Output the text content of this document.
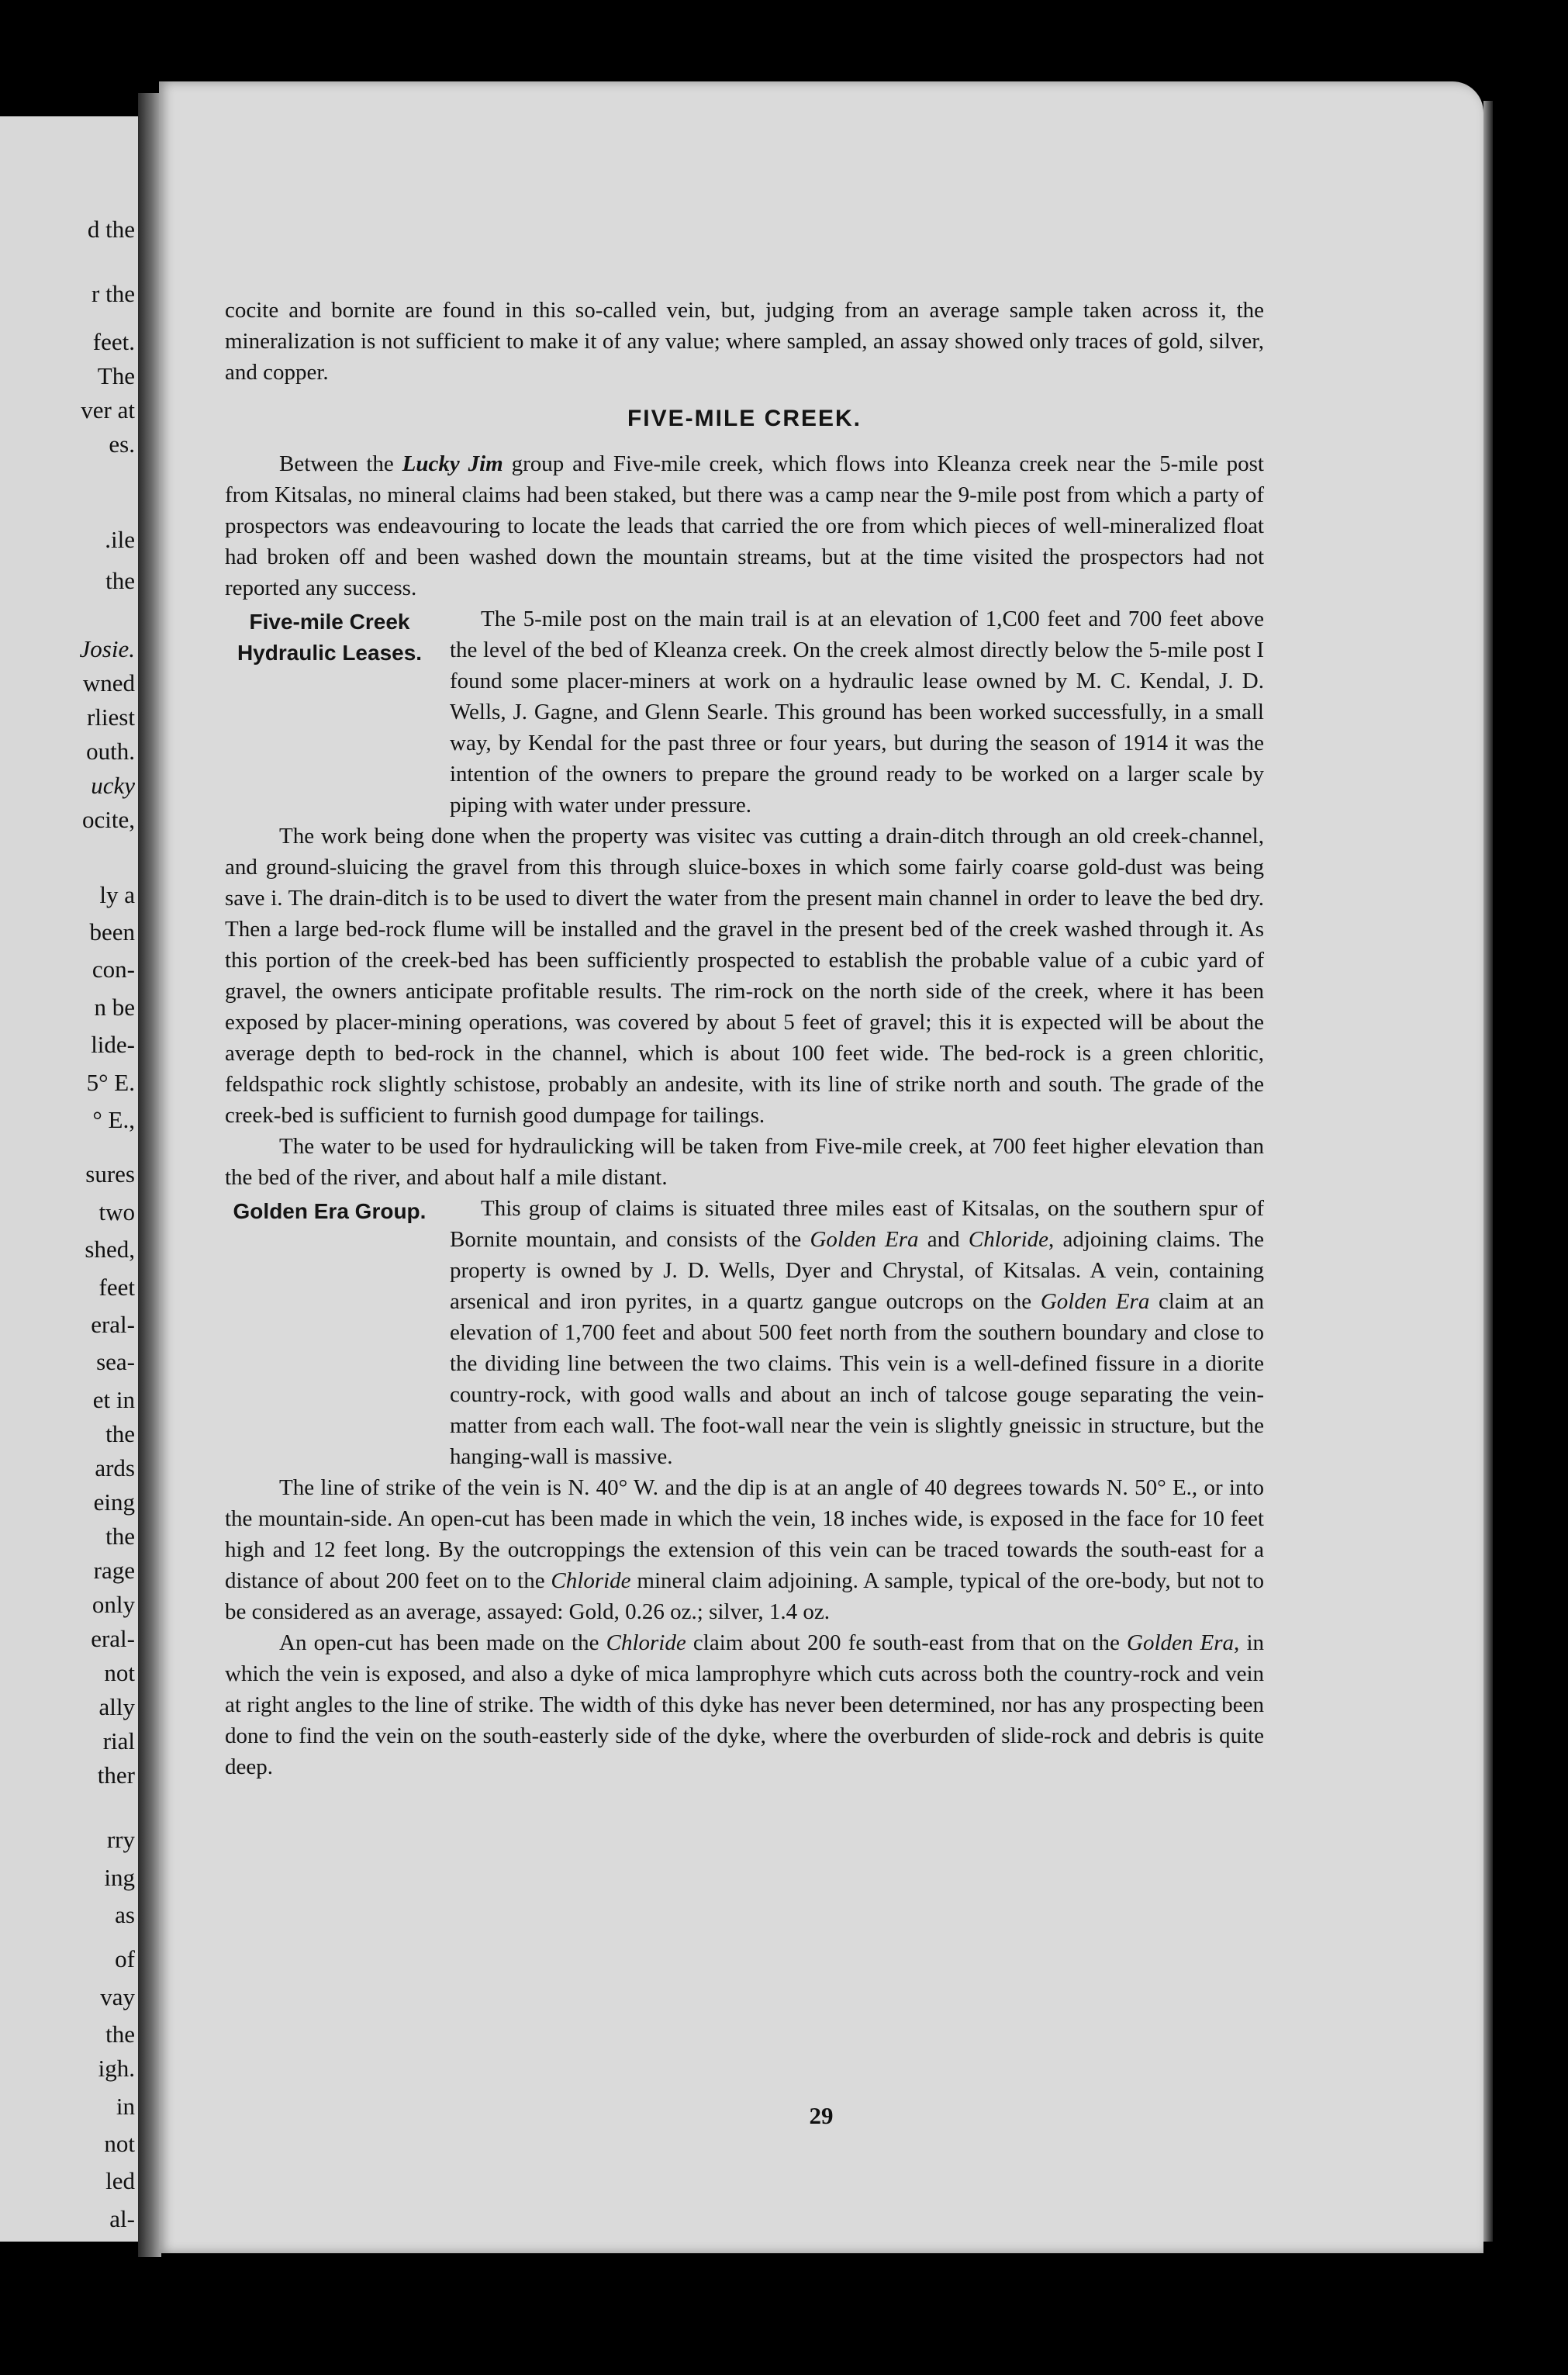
d the
r the
feet.
The
ver at
es.
.ile
the
Josie.
wned
rliest
outh.
ucky
ocite,
ly a
been
con-
n be
lide-
5° E.
° E.,
sures
two
shed,
feet
eral-
sea-
et in
the
ards
eing
the
rage
only
eral-
not
ally
rial
ther
rry
ing
as
of
vay
the
igh.
in
not
led
al-

cocite and bornite are found in this so-called vein, but, judging from an average sample taken across it, the mineralization is not sufficient to make it of any value; where sampled, an assay showed only traces of gold, silver, and copper.

FIVE-MILE CREEK.

Between the Lucky Jim group and Five-mile creek, which flows into Kleanza creek near the 5-mile post from Kitsalas, no mineral claims had been staked, but there was a camp near the 9-mile post from which a party of prospectors was endeavouring to locate the leads that carried the ore from which pieces of well-mineralized float had broken off and been washed down the mountain streams, but at the time visited the prospectors had not reported any success.

Five-mile Creek Hydraulic Leases.

The 5-mile post on the main trail is at an elevation of 1,C00 feet and 700 feet above the level of the bed of Kleanza creek. On the creek almost directly below the 5-mile post I found some placer-miners at work on a hydraulic lease owned by M. C. Kendal, J. D. Wells, J. Gagne, and Glenn Searle. This ground has been worked successfully, in a small way, by Kendal for the past three or four years, but during the season of 1914 it was the intention of the owners to prepare the ground ready to be worked on a larger scale by piping with water under pressure.

The work being done when the property was visitec vas cutting a drain-ditch through an old creek-channel, and ground-sluicing the gravel from this through sluice-boxes in which some fairly coarse gold-dust was being save i. The drain-ditch is to be used to divert the water from the present main channel in order to leave the bed dry. Then a large bed-rock flume will be installed and the gravel in the present bed of the creek washed through it. As this portion of the creek-bed has been sufficiently prospected to establish the probable value of a cubic yard of gravel, the owners anticipate profitable results. The rim-rock on the north side of the creek, where it has been exposed by placer-mining operations, was covered by about 5 feet of gravel; this it is expected will be about the average depth to bed-rock in the channel, which is about 100 feet wide. The bed-rock is a green chloritic, feldspathic rock slightly schistose, probably an andesite, with its line of strike north and south. The grade of the creek-bed is sufficient to furnish good dumpage for tailings.

The water to be used for hydraulicking will be taken from Five-mile creek, at 700 feet higher elevation than the bed of the river, and about half a mile distant.

Golden Era Group.	This group of claims is situated three miles east of Kitsalas, on the southern spur of Bornite mountain, and consists of the Golden Era and Chloride, adjoining claims. The property is owned by J. D. Wells, Dyer and Chrystal, of Kitsalas. A vein, containing arsenical and iron pyrites, in a quartz gangue outcrops on the Golden Era claim at an elevation of 1,700 feet and about 500 feet north from the southern boundary and close to the dividing line between the two claims. This vein is a well-defined fissure in a diorite country-rock, with good walls and about an inch of talcose gouge separating the vein-matter from each wall. The foot-wall near the vein is slightly gneissic in structure, but the hanging-wall is massive.

The line of strike of the vein is N. 40° W. and the dip is at an angle of 40 degrees towards N. 50° E., or into the mountain-side. An open-cut has been made in which the vein, 18 inches wide, is exposed in the face for 10 feet high and 12 feet long. By the outcroppings the extension of this vein can be traced towards the south-east for a distance of about 200 feet on to the Chloride mineral claim adjoining. A sample, typical of the ore-body, but not to be considered as an average, assayed: Gold, 0.26 oz.; silver, 1.4 oz.

An open-cut has been made on the Chloride claim about 200 fe south-east from that on the Golden Era, in which the vein is exposed, and also a dyke of mica lamprophyre which cuts across both the country-rock and vein at right angles to the line of strike. The width of this dyke has never been determined, nor has any prospecting been done to find the vein on the south-easterly side of the dyke, where the overburden of slide-rock and debris is quite deep.

29
